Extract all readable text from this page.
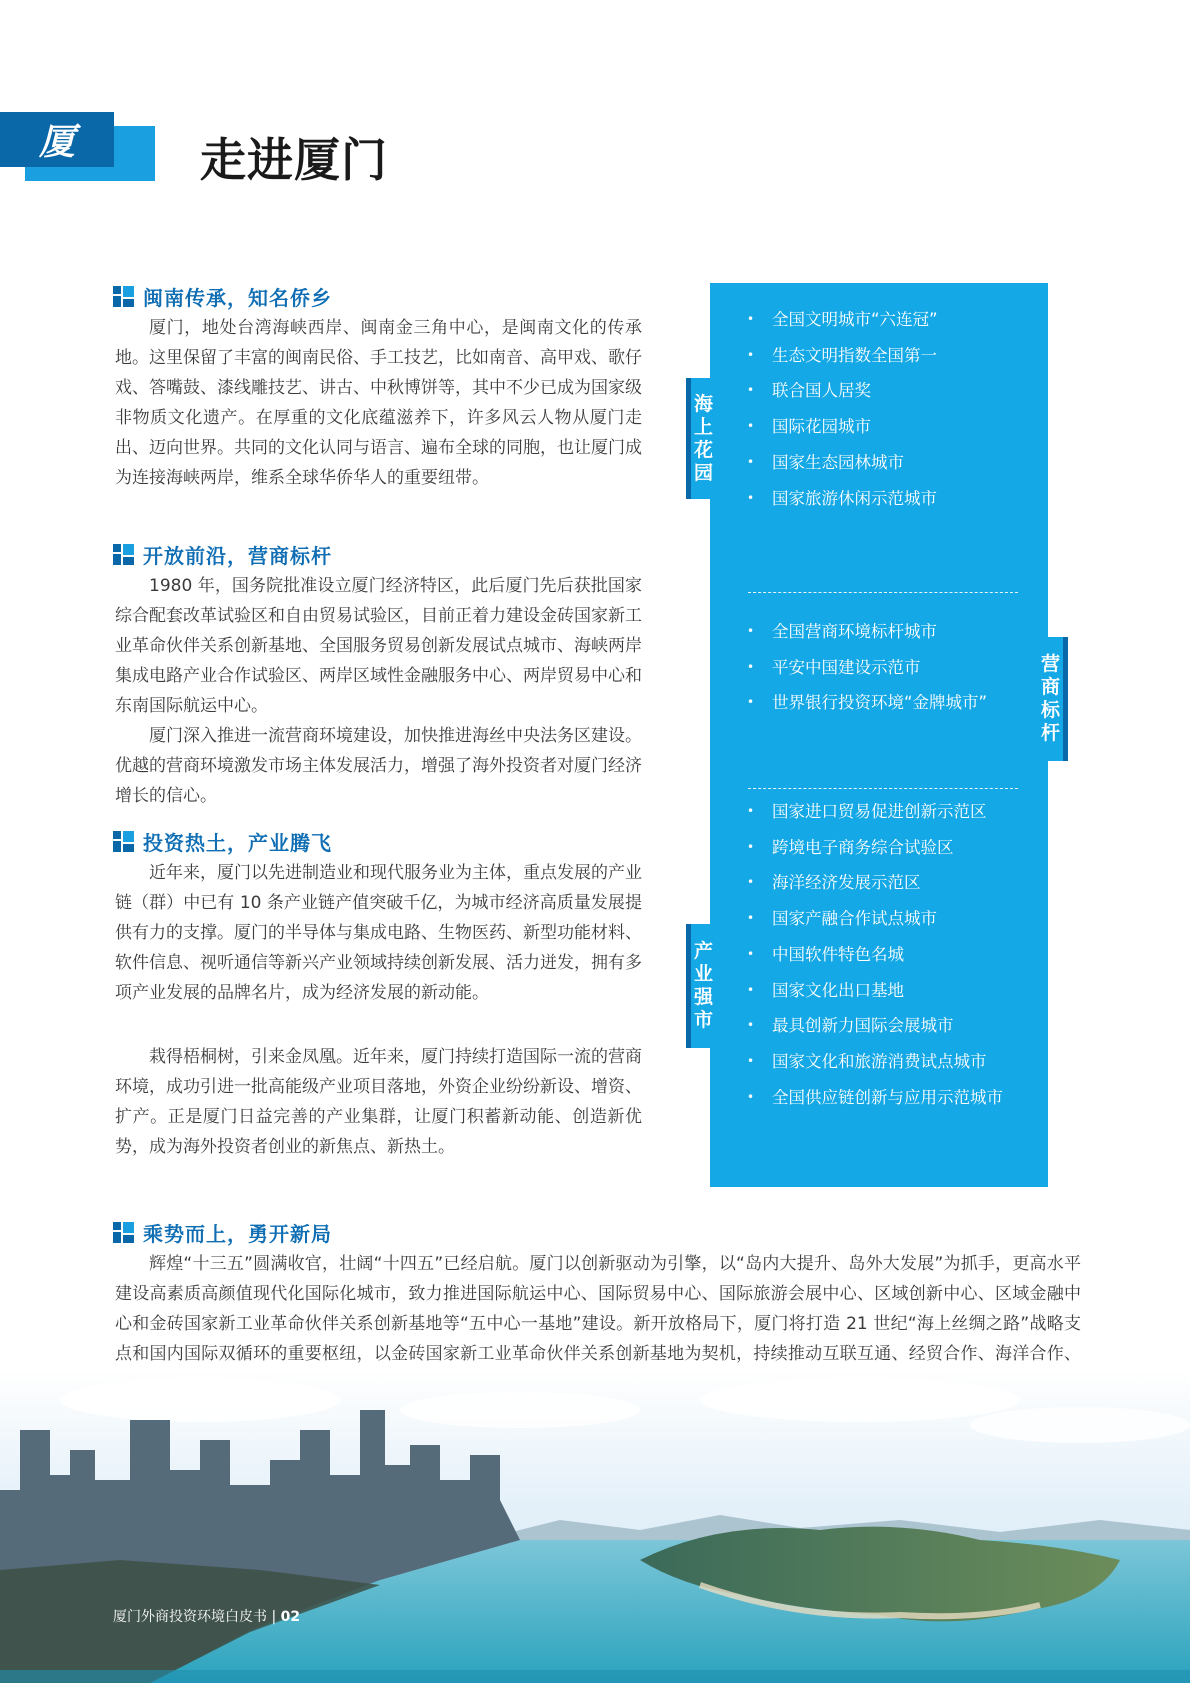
厦	走进厦门
闽南传承，知名侨乡

厦门，地处台湾海峡西岸、闽南金三角中心，是闽南文化的传承地。这里保留了丰富的闽南民俗、手工技艺，比如南音、高甲戏、歌仔戏、答嘴鼓、漆线雕技艺、讲古、中秋博饼等，其中不少已成为国家级非物质文化遗产。在厚重的文化底蕴滋养下，许多风云人物从厦门走出、迈向世界。共同的文化认同与语言、遍布全球的同胞，也让厦门成为连接海峡两岸，维系全球华侨华人的重要纽带。

开放前沿，营商标杆

1980 年，国务院批准设立厦门经济特区，此后厦门先后获批国家综合配套改革试验区和自由贸易试验区，目前正着力建设金砖国家新工业革命伙伴关系创新基地、全国服务贸易创新发展试点城市、海峡两岸集成电路产业合作试验区、两岸区域性金融服务中心、两岸贸易中心和东南国际航运中心。

厦门深入推进一流营商环境建设，加快推进海丝中央法务区建设。优越的营商环境激发市场主体发展活力，增强了海外投资者对厦门经济增长的信心。

投资热土，产业腾飞

近年来，厦门以先进制造业和现代服务业为主体，重点发展的产业链（群）中已有 10 条产业链产值突破千亿，为城市经济高质量发展提供有力的支撑。厦门的半导体与集成电路、生物医药、新型功能材料、软件信息、视听通信等新兴产业领域持续创新发展、活力迸发，拥有多项产业发展的品牌名片，成为经济发展的新动能。

栽得梧桐树，引来金凤凰。近年来，厦门持续打造国际一流的营商环境，成功引进一批高能级产业项目落地，外资企业纷纷新设、增资、扩产。正是厦门日益完善的产业集群，让厦门积蓄新动能、创造新优势，成为海外投资者创业的新焦点、新热土。

乘势而上，勇开新局

辉煌“十三五”圆满收官，壮阔“十四五”已经启航。厦门以创新驱动为引擎，以“岛内大提升、岛外大发展”为抓手，更高水平建设高素质高颜值现代化国际化城市，致力推进国际航运中心、国际贸易中心、国际旅游会展中心、区域创新中心、区域金融中心和金砖国家新工业革命伙伴关系创新基地等“五中心一基地”建设。新开放格局下，厦门将打造 21 世纪“海上丝绸之路”战略支点和国内国际双循环的重要枢纽，以金砖国家新工业革命伙伴关系创新基地为契机，持续推动互联互通、经贸合作、海洋合作、

• 全国文明城市“六连冠”
• 生态文明指数全国第一
• 联合国人居奖
• 国际花园城市
• 国家生态园林城市
• 国家旅游休闲示范城市
• 全国营商环境标杆城市
• 平安中国建设示范市
• 世界银行投资环境“金牌城市”
• 国家进口贸易促进创新示范区
• 跨境电子商务综合试验区
• 海洋经济发展示范区
• 国家产融合作试点城市
• 中国软件特色名城
• 国家文化出口基地
• 最具创新力国际会展城市
• 国家文化和旅游消费试点城市
• 全国供应链创新与应用示范城市
海
上
花
园
营
商
标
杆
产
业
强
市
厦门外商投资环境白皮书 | 02
